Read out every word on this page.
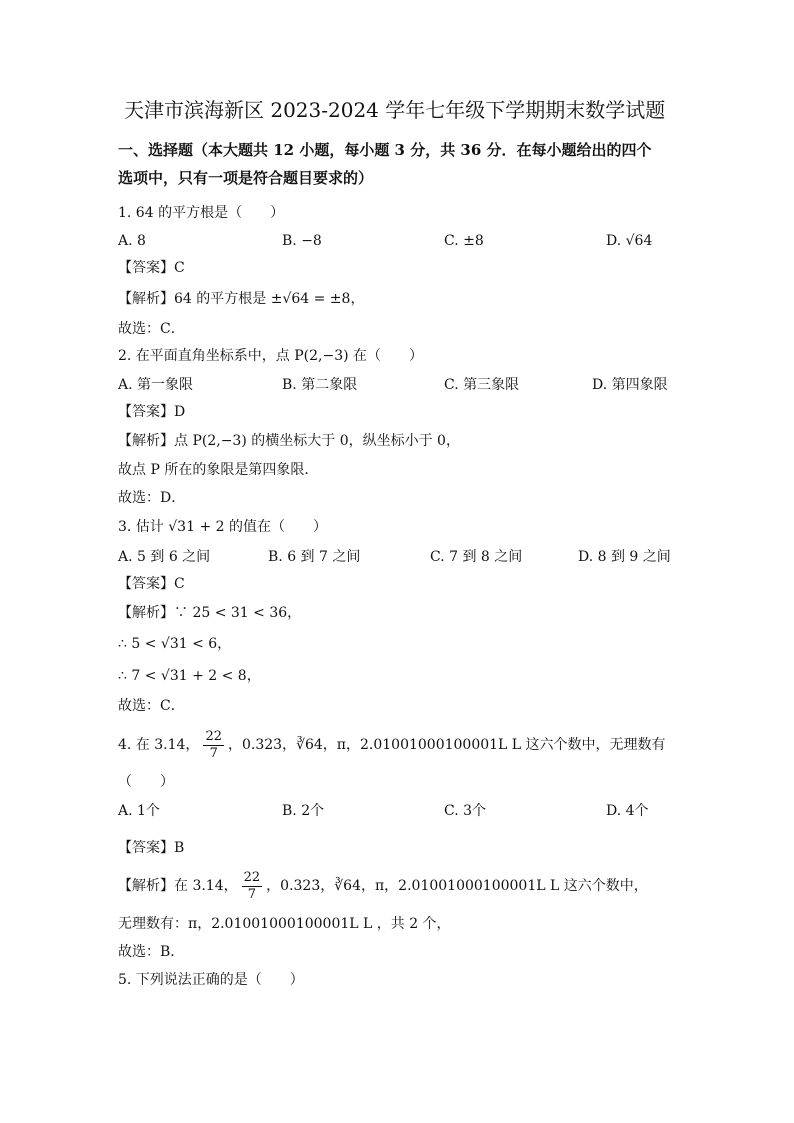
天津市滨海新区 2023-2024 学年七年级下学期期末数学试题
一、选择题（本大题共 12 小题，每小题 3 分，共 36 分．在每小题给出的四个
选项中，只有一项是符合题目要求的）
1. 64 的平方根是（　　）
A. 8	B. −8	C. ±8	D. √64
【答案】C
【解析】64 的平方根是 ±√64 = ±8，
故选：C．
2. 在平面直角坐标系中，点 P(2,−3) 在（　　）
A. 第一象限	B. 第二象限	C. 第三象限	D. 第四象限
【答案】D
【解析】点 P(2,−3) 的横坐标大于 0，纵坐标小于 0，
故点 P 所在的象限是第四象限．
故选：D．
3. 估计 √31 + 2 的值在（　　）
A. 5 到 6 之间	B. 6 到 7 之间	C. 7 到 8 之间	D. 8 到 9 之间
【答案】C
【解析】∵ 25 < 31 < 36，
∴ 5 < √31 < 6，
∴ 7 < √31 + 2 < 8，
故选：C．
4. 在 3.14， $\frac{22}{7}$ ，0.323̇，∛64，π，2.01001000100001L L 这六个数中，无理数有
（　　）
A. 1个	B. 2个	C. 3个	D. 4个
【答案】B
【解析】在 3.14， $\frac{22}{7}$ ，0.323̇，∛64，π，2.01001000100001L L 这六个数中，
无理数有：π，2.01001000100001L L ，共 2 个，
故选：B．
5. 下列说法正确的是（　　）
